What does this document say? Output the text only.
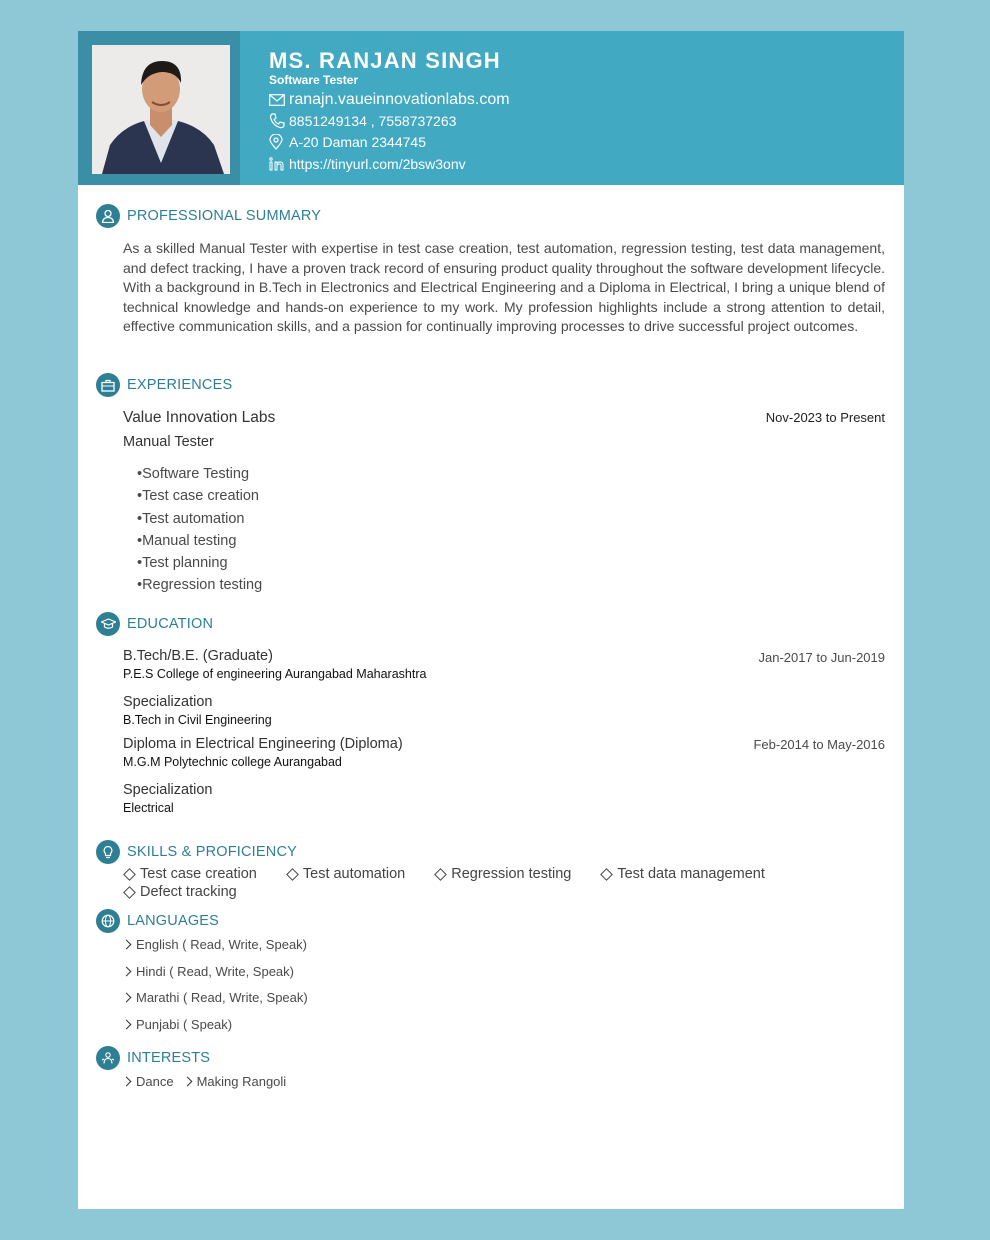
MS. RANJAN SINGH
Software Tester
ranajn.vaueinnovationlabs.com
8851249134 , 7558737263
A-20 Daman 2344745
https://tinyurl.com/2bsw3onv
PROFESSIONAL SUMMARY
As a skilled Manual Tester with expertise in test case creation, test automation, regression testing, test data management, and defect tracking, I have a proven track record of ensuring product quality throughout the software development lifecycle. With a background in B.Tech in Electronics and Electrical Engineering and a Diploma in Electrical, I bring a unique blend of technical knowledge and hands-on experience to my work. My profession highlights include a strong attention to detail, effective communication skills, and a passion for continually improving processes to drive successful project outcomes.
EXPERIENCES
Value Innovation Labs	Nov-2023 to Present
Manual Tester
• Software Testing
• Test case creation
• Test automation
• Manual testing
• Test planning
• Regression testing
EDUCATION
B.Tech/B.E. (Graduate)	Jan-2017 to Jun-2019
P.E.S College of engineering Aurangabad Maharashtra
Specialization
B.Tech in Civil Engineering
Diploma in Electrical Engineering (Diploma)	Feb-2014 to May-2016
M.G.M Polytechnic college Aurangabad
Specialization
Electrical
SKILLS & PROFICIENCY
Test case creation	Test automation	Regression testing	Test data management
Defect tracking
LANGUAGES
English ( Read, Write, Speak)
Hindi ( Read, Write, Speak)
Marathi ( Read, Write, Speak)
Punjabi ( Speak)
INTERESTS
Dance Making Rangoli
